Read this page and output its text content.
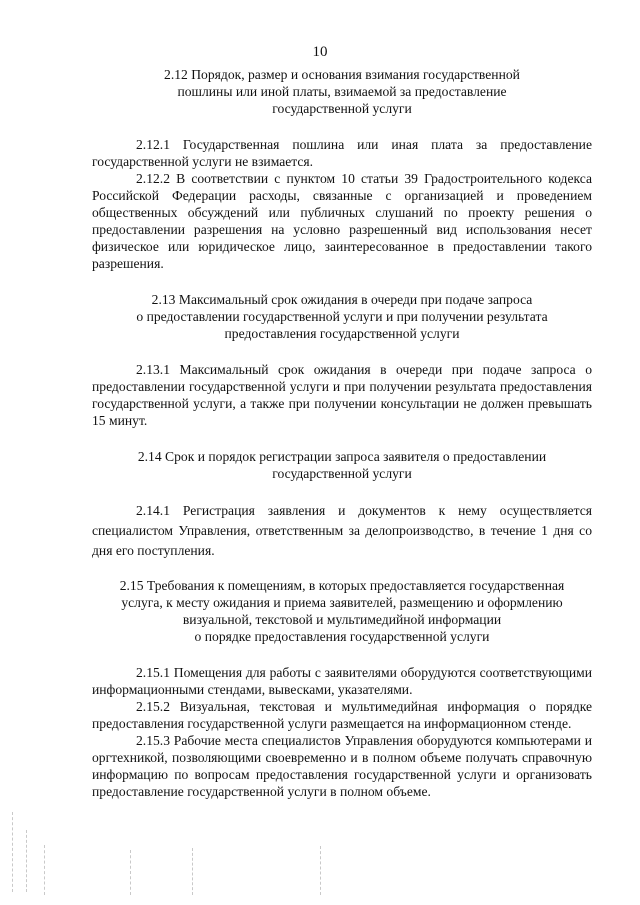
10
2.12 Порядок, размер и основания взимания государственной
пошлины или иной платы, взимаемой за предоставление
государственной услуги

2.12.1 Государственная пошлина или иная плата за предоставление государственной услуги не взимается.

2.12.2 В соответствии с пунктом 10 статьи 39 Градостроительного кодекса Российской Федерации расходы, связанные с организацией и проведением общественных обсуждений или публичных слушаний по проекту решения о предоставлении разрешения на условно разрешенный вид использования несет физическое или юридическое лицо, заинтересованное в предоставлении такого разрешения.

2.13 Максимальный срок ожидания в очереди при подаче запроса
о предоставлении государственной услуги и при получении результата
предоставления государственной услуги

2.13.1 Максимальный срок ожидания в очереди при подаче запроса о предоставлении государственной услуги и при получении результата предоставления государственной услуги, а также при получении консультации не должен превышать 15 минут.

2.14 Срок и порядок регистрации запроса заявителя о предоставлении
государственной услуги

2.14.1 Регистрация заявления и документов к нему осуществляется специалистом Управления, ответственным за делопроизводство, в течение 1 дня со дня его поступления.

2.15 Требования к помещениям, в которых предоставляется государственная
услуга, к месту ожидания и приема заявителей, размещению и оформлению
визуальной, текстовой и мультимедийной информации
о порядке предоставления государственной услуги

2.15.1 Помещения для работы с заявителями оборудуются соответствующими информационными стендами, вывесками, указателями.

2.15.2 Визуальная, текстовая и мультимедийная информация о порядке предоставления государственной услуги размещается на информационном стенде.

2.15.3 Рабочие места специалистов Управления оборудуются компьютерами и оргтехникой, позволяющими своевременно и в полном объеме получать справочную информацию по вопросам предоставления государственной услуги и организовать предоставление государственной услуги в полном объеме.
